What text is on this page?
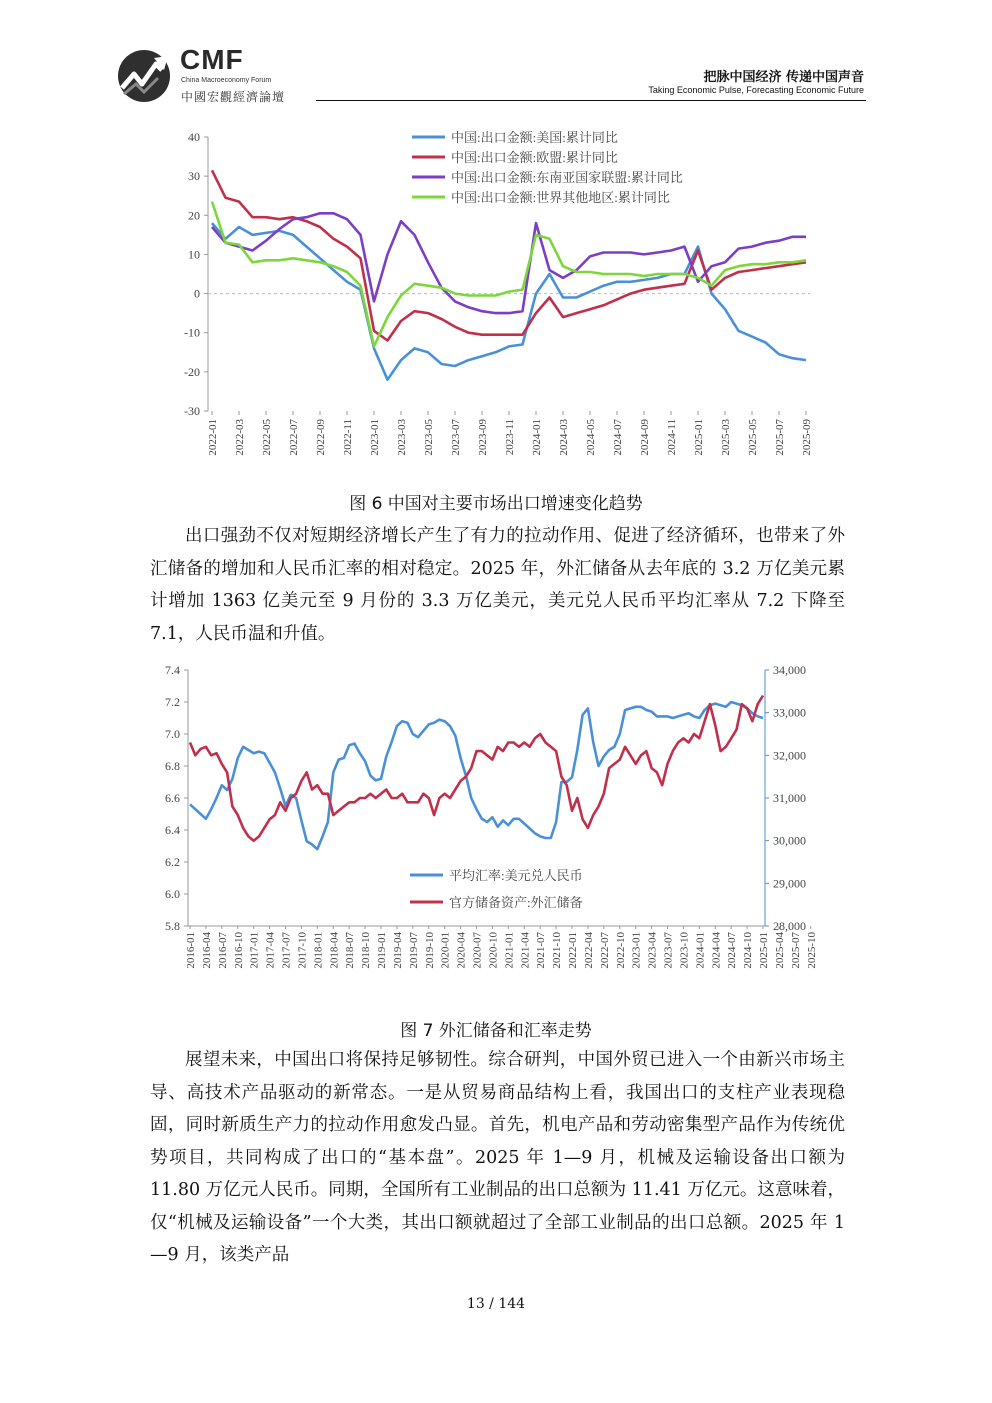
CMF
China Macroeconomy Forum
中國宏觀經濟論壇
把脉中国经济 传递中国声音
Taking Economic Pulse, Forecasting Economic Future
40
30
20
10
0
-10
-20
-30
2022-01 2022-03 2022-05 2022-07 2022-09 2022-11 2023-01 2023-03 2023-05 2023-07 2023-09 2023-11 2024-01 2024-03 2024-05 2024-07 2024-09 2024-11 2025-01 2025-03 2025-05 2025-07 2025-09
中国:出口金额:美国:累计同比
中国:出口金额:欧盟:累计同比
中国:出口金额:东南亚国家联盟:累计同比
中国:出口金额:世界其他地区:累计同比
图 6 中国对主要市场出口增速变化趋势
出口强劲不仅对短期经济增长产生了有力的拉动作用、促进了经济循环，也带来了外汇储备的增加和人民币汇率的相对稳定。2025 年，外汇储备从去年底的 3.2 万亿美元累计增加 1363 亿美元至 9 月份的 3.3 万亿美元，美元兑人民币平均汇率从 7.2 下降至 7.1，人民币温和升值。
7.4
7.2
7.0
6.8
6.6
6.4
6.2
6.0
5.8
34,000
33,000
32,000
31,000
30,000
29,000
28,000
2016-01 2016-04 2016-07 2016-10 2017-01 2017-04 2017-07 2017-10 2018-01 2018-04 2018-07 2018-10 2019-01 2019-04 2019-07 2019-10 2020-01 2020-04 2020-07 2020-10 2021-01 2021-04 2021-07 2021-10 2022-01 2022-04 2022-07 2022-10 2023-01 2023-04 2023-07 2023-10 2024-01 2024-04 2024-07 2024-10 2025-01 2025-04 2025-07 2025-10
平均汇率:美元兑人民币
官方储备资产:外汇储备
图 7 外汇储备和汇率走势
展望未来，中国出口将保持足够韧性。综合研判，中国外贸已进入一个由新兴市场主导、高技术产品驱动的新常态。一是从贸易商品结构上看，我国出口的支柱产业表现稳固，同时新质生产力的拉动作用愈发凸显。首先，机电产品和劳动密集型产品作为传统优势项目，共同构成了出口的“基本盘”。2025 年 1—9 月，机械及运输设备出口额为 11.80 万亿元人民币。同期，全国所有工业制品的出口总额为 11.41 万亿元。这意味着，仅“机械及运输设备”一个大类，其出口额就超过了全部工业制品的出口总额。2025 年 1—9 月，该类产品
13 / 144
